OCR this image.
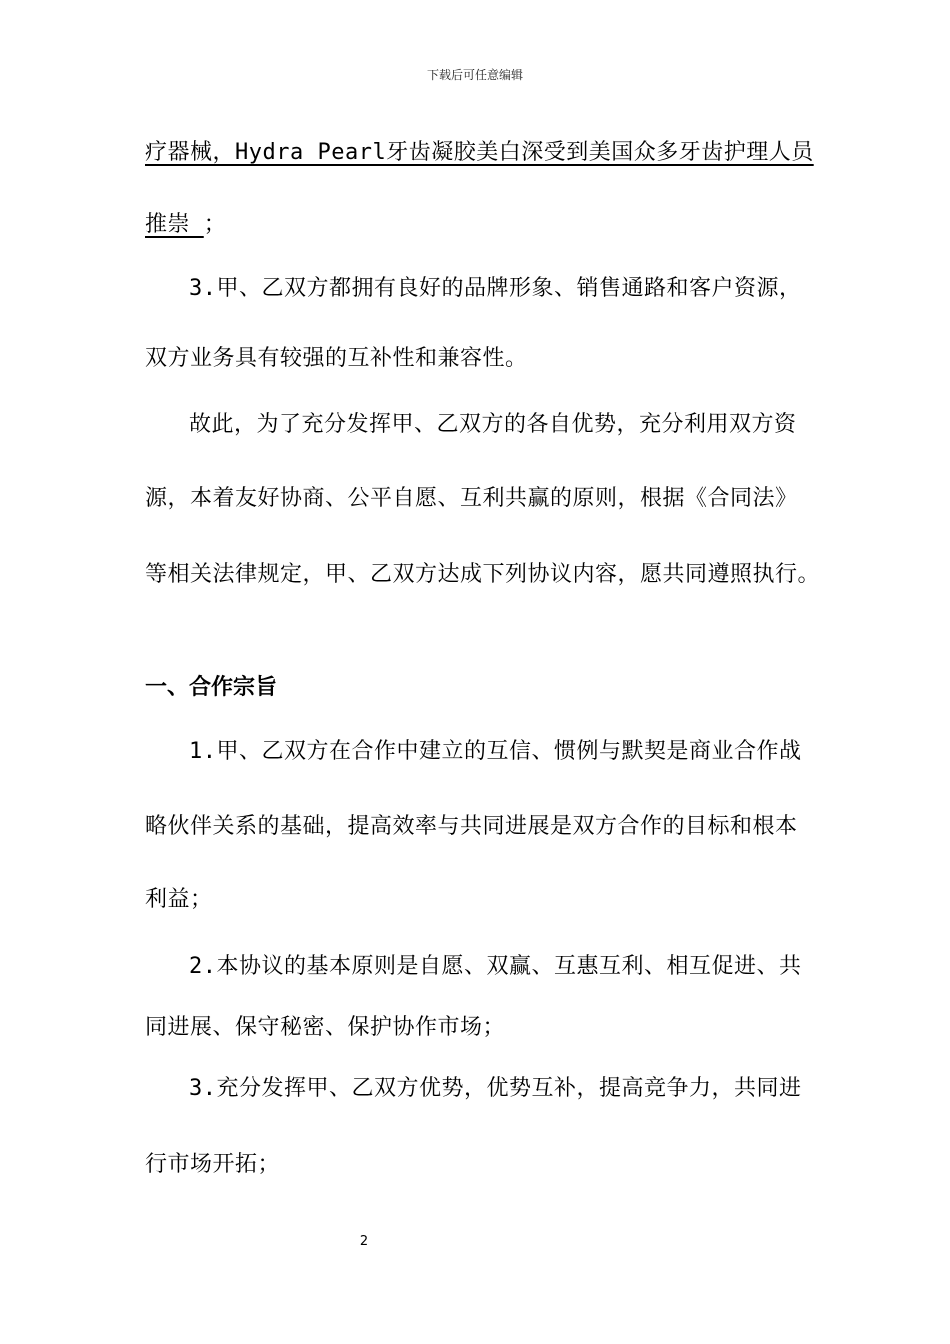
下载后可任意编辑
疗器械，Hydra Pearl牙齿凝胶美白深受到美国众多牙齿护理人员
推崇 ；
3.甲、乙双方都拥有良好的品牌形象、销售通路和客户资源，
双方业务具有较强的互补性和兼容性。
故此，为了充分发挥甲、乙双方的各自优势，充分利用双方资
源，本着友好协商、公平自愿、互利共赢的原则，根据《合同法》
等相关法律规定，甲、乙双方达成下列协议内容，愿共同遵照执行。
一、合作宗旨
1.甲、乙双方在合作中建立的互信、惯例与默契是商业合作战
略伙伴关系的基础，提高效率与共同进展是双方合作的目标和根本
利益；
2.本协议的基本原则是自愿、双赢、互惠互利、相互促进、共
同进展、保守秘密、保护协作市场；
3.充分发挥甲、乙双方优势，优势互补，提高竞争力，共同进
行市场开拓；
2
